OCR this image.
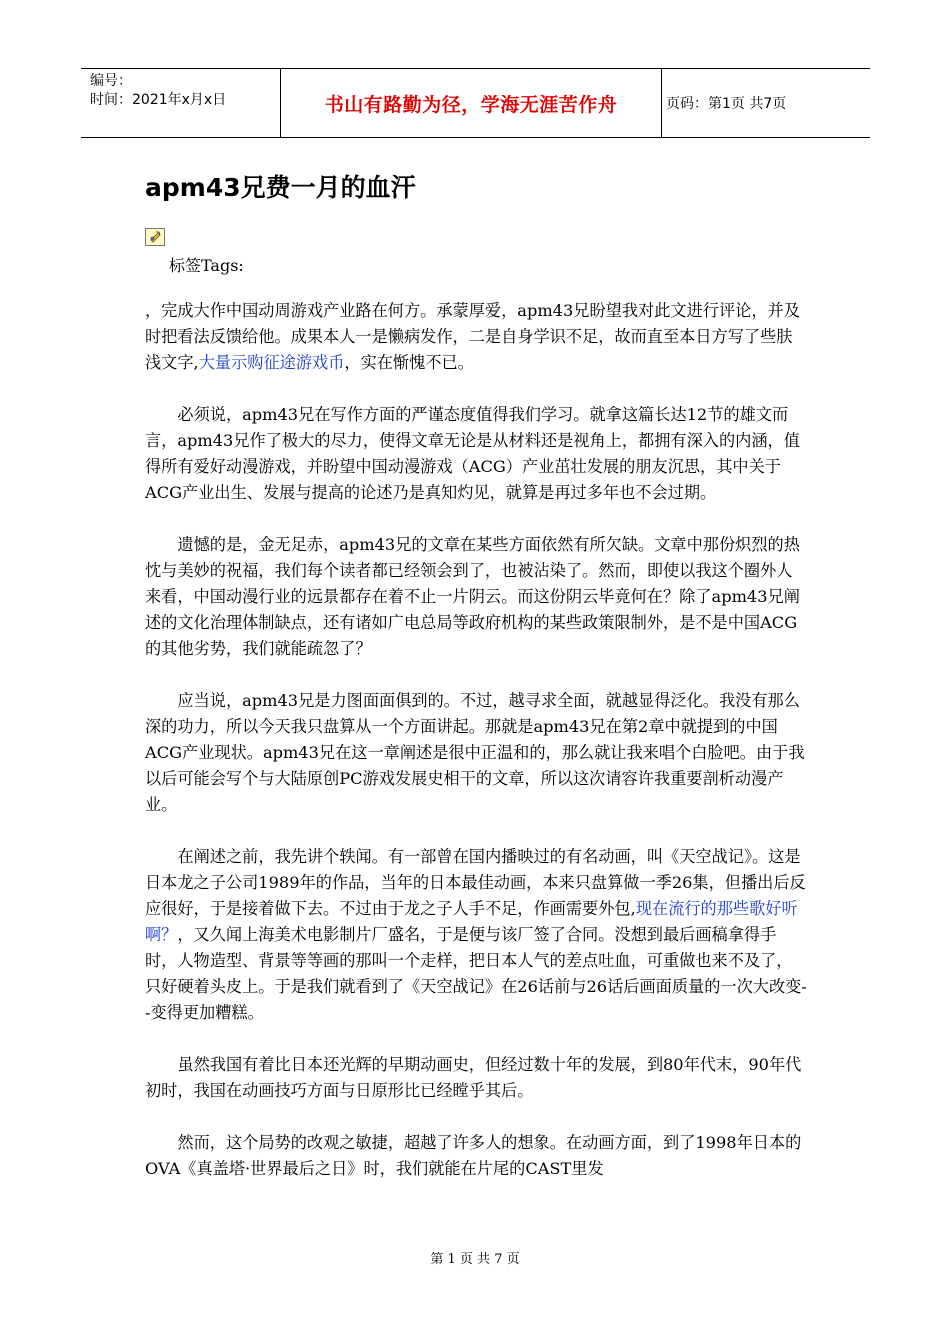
编号：
时间：2021年x月x日	书山有路勤为径，学海无涯苦作舟	页码：第1页 共7页
apm43兄费一月的血汗
标签Tags:

，完成大作中国动周游戏产业路在何方。承蒙厚爱，apm43兄盼望我对此文进行评论，并及时把看法反馈给他。成果本人一是懒病发作，二是自身学识不足，故而直至本日方写了些肤浅文字,大量示购征途游戏币，实在惭愧不已。

必须说，apm43兄在写作方面的严谨态度值得我们学习。就拿这篇长达12节的雄文而言，apm43兄作了极大的尽力，使得文章无论是从材料还是视角上，都拥有深入的内涵，值得所有爱好动漫游戏，并盼望中国动漫游戏（ACG）产业茁壮发展的朋友沉思，其中关于ACG产业出生、发展与提高的论述乃是真知灼见，就算是再过多年也不会过期。

遗憾的是，金无足赤，apm43兄的文章在某些方面依然有所欠缺。文章中那份炽烈的热忱与美妙的祝福，我们每个读者都已经领会到了，也被沾染了。然而，即使以我这个圈外人来看，中国动漫行业的远景都存在着不止一片阴云。而这份阴云毕竟何在？除了apm43兄阐述的文化治理体制缺点，还有诸如广电总局等政府机构的某些政策限制外，是不是中国ACG的其他劣势，我们就能疏忽了？

应当说，apm43兄是力图面面俱到的。不过，越寻求全面，就越显得泛化。我没有那么深的功力，所以今天我只盘算从一个方面讲起。那就是apm43兄在第2章中就提到的中国ACG产业现状。apm43兄在这一章阐述是很中正温和的，那么就让我来唱个白脸吧。由于我以后可能会写个与大陆原创PC游戏发展史相干的文章，所以这次请容许我重要剖析动漫产业。

在阐述之前，我先讲个轶闻。有一部曾在国内播映过的有名动画，叫《天空战记》。这是日本龙之子公司1989年的作品，当年的日本最佳动画，本来只盘算做一季26集，但播出后反应很好，于是接着做下去。不过由于龙之子人手不足，作画需要外包,现在流行的那些歌好听啊？，又久闻上海美术电影制片厂盛名，于是便与该厂签了合同。没想到最后画稿拿得手时，人物造型、背景等等画的那叫一个走样，把日本人气的差点吐血，可重做也来不及了，只好硬着头皮上。于是我们就看到了《天空战记》在26话前与26话后画面质量的一次大改变--变得更加糟糕。

虽然我国有着比日本还光辉的早期动画史，但经过数十年的发展，到80年代末，90年代初时，我国在动画技巧方面与日原形比已经瞠乎其后。

然而，这个局势的改观之敏捷，超越了许多人的想象。在动画方面，到了1998年日本的OVA《真盖塔·世界最后之日》时，我们就能在片尾的CAST里发

第 1 页 共 7 页
